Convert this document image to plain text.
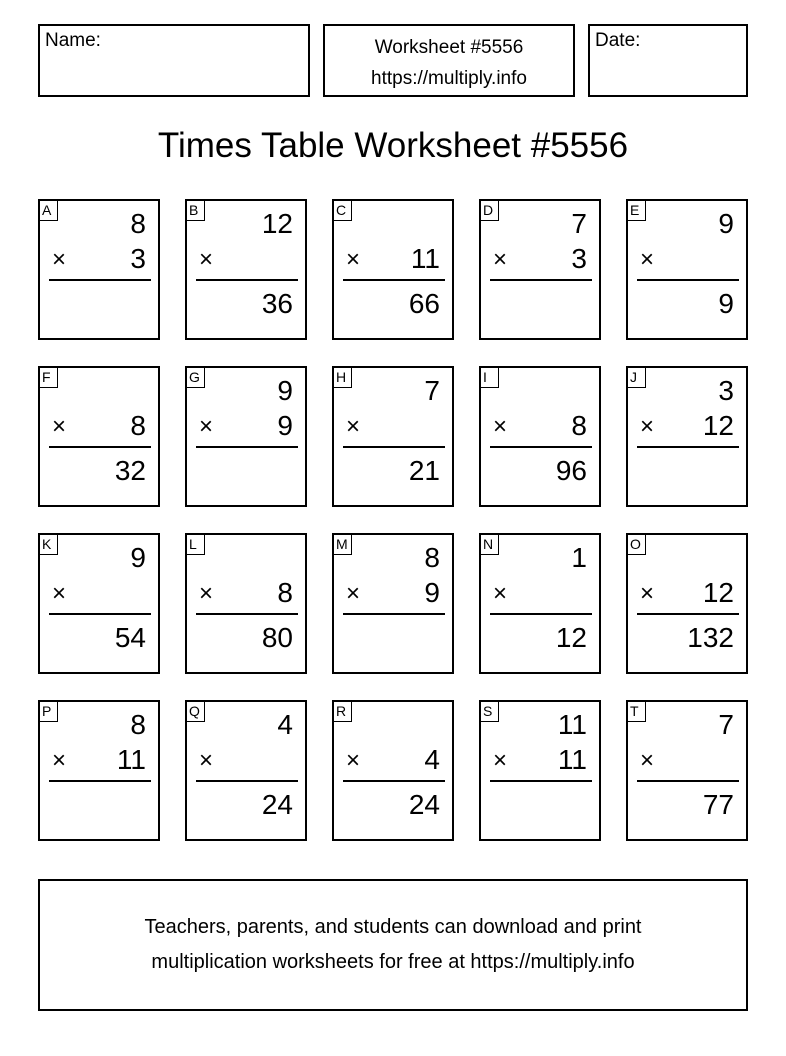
Name:	Worksheet #5556
https://multiply.info
Date:
Times Table Worksheet #5556
A	8
× 3
B 12
×
36
C
× 11
66
D	7
× 3
E	9
×
9
F
× 8
32
G	9
× 9
H	7
×
21
I
× 8
96
J	3
× 12
K	9
×
54
L
× 8
80
M	8
× 9
N	1
×
12
O
× 12
132
P	8
× 11
Q	4
×
24
R
× 4
24
S 11
× 11
T	7
×
77
Teachers, parents, and students can download and print
multiplication worksheets for free at https://multiply.info
